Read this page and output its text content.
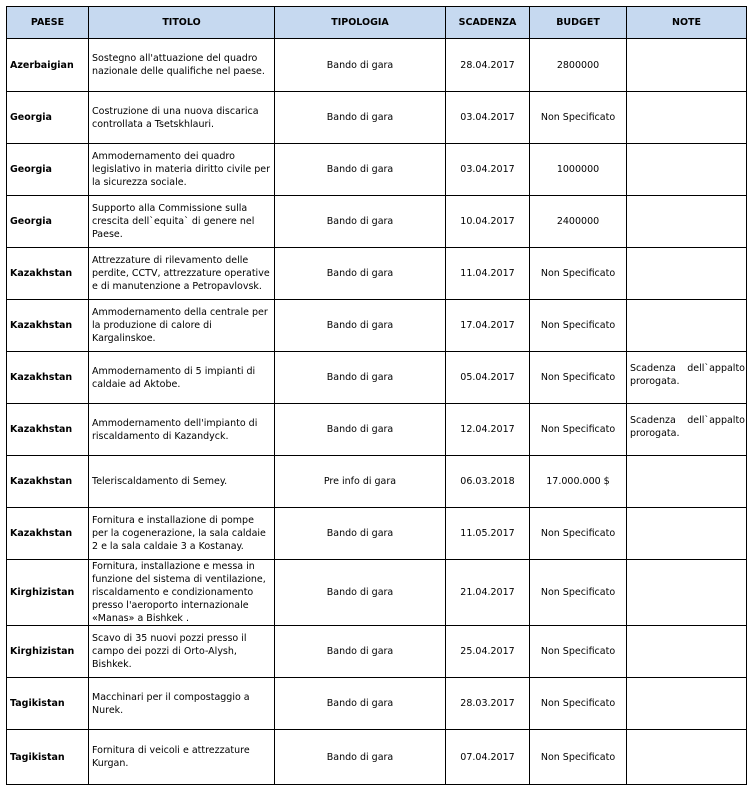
PAESE	TITOLO	TIPOLOGIA	SCADENZA	BUDGET	NOTE
Azerbaigian	Sostegno all'attuazione del quadro nazionale delle qualifiche nel paese.	Bando di gara	28.04.2017	2800000	
Georgia	Costruzione di una nuova discarica controllata a Tsetskhlauri.	Bando di gara	03.04.2017	Non Specificato	
Georgia	Ammodernamento dei quadro legislativo in materia diritto civile per la sicurezza sociale.	Bando di gara	03.04.2017	1000000	
Georgia	Supporto alla Commissione sulla crescita dell`equita` di genere nel Paese.	Bando di gara	10.04.2017	2400000	
Kazakhstan	Attrezzature di rilevamento delle perdite, CCTV, attrezzature operative e di manutenzione a Petropavlovsk.	Bando di gara	11.04.2017	Non Specificato	
Kazakhstan	Ammodernamento della centrale per la produzione di calore di Kargalinskoe.	Bando di gara	17.04.2017	Non Specificato	
Kazakhstan	Ammodernamento di 5 impianti di caldaie ad Aktobe.	Bando di gara	05.04.2017	Non Specificato	Scadenza dell`appalto
prorogata.

Kazakhstan	Ammodernamento dell'impianto di riscaldamento di Kazandyck.	Bando di gara	12.04.2017	Non Specificato	Scadenza dell`appalto
prorogata.

Kazakhstan	Teleriscaldamento di Semey.	Pre info di gara	06.03.2018	17.000.000 $	
Kazakhstan	Fornitura e installazione di pompe per la cogenerazione, la sala caldaie 2 e la sala caldaie 3 a Kostanay.	Bando di gara	11.05.2017	Non Specificato	
Kirghizistan	Fornitura, installazione e messa in funzione del sistema di ventilazione, riscaldamento e condizionamento presso l'aeroporto internazionale «Manas» a Bishkek .	Bando di gara	21.04.2017	Non Specificato	
Kirghizistan	Scavo di 35 nuovi pozzi presso il campo dei pozzi di Orto-Alysh, Bishkek.	Bando di gara	25.04.2017	Non Specificato	
Tagikistan	Macchinari per il compostaggio a Nurek.	Bando di gara	28.03.2017	Non Specificato	
Tagikistan	Fornitura di veicoli e attrezzature Kurgan.	Bando di gara	07.04.2017	Non Specificato	
